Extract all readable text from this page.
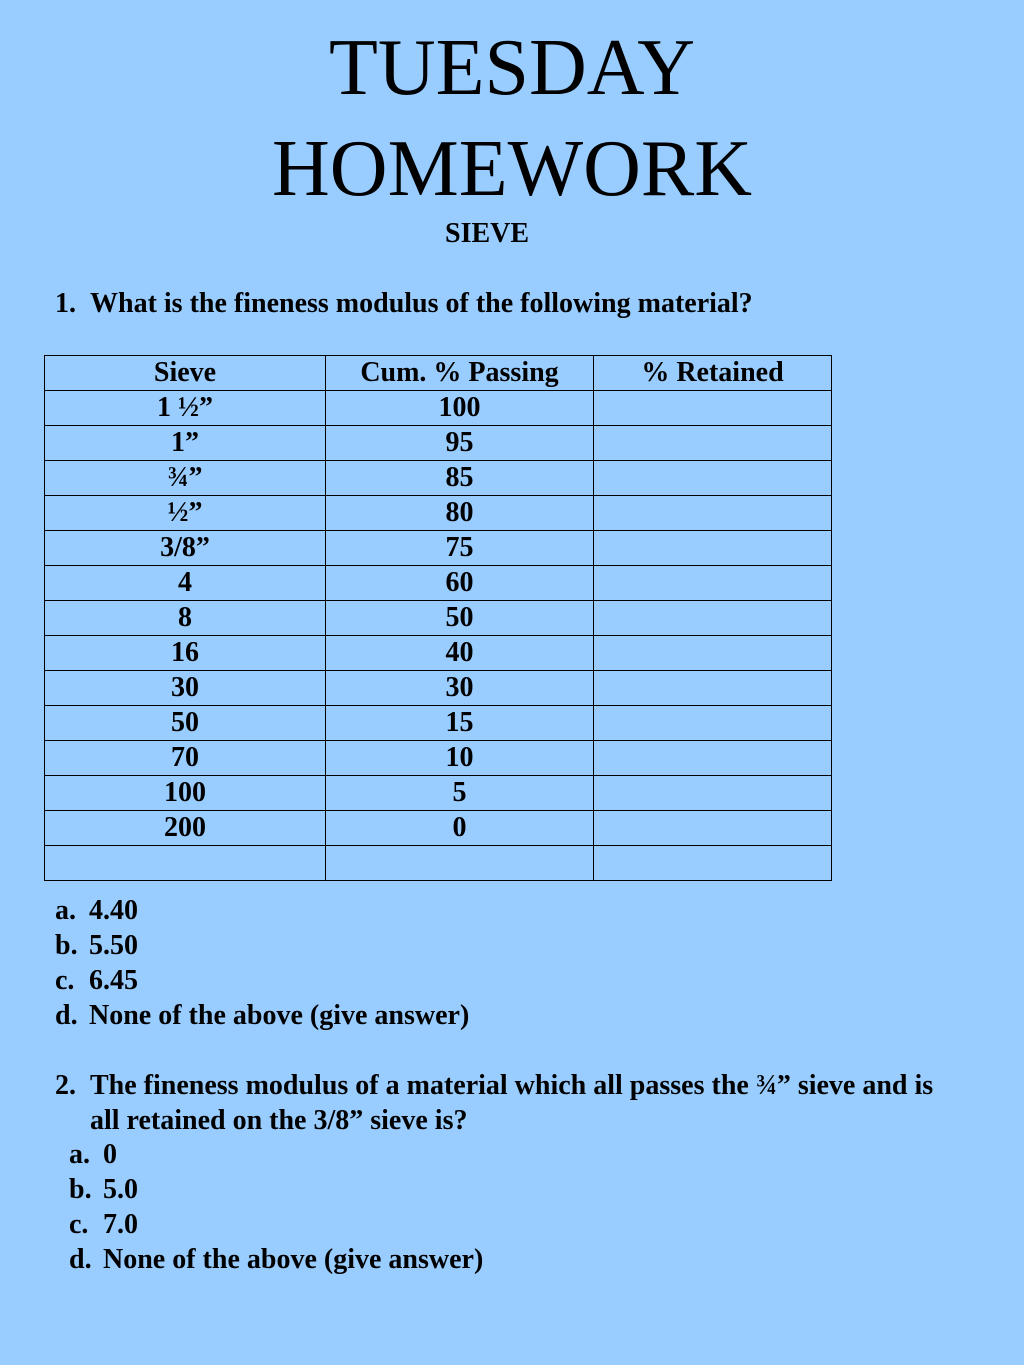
TUESDAY
HOMEWORK
SIEVE
1. What is the fineness modulus of the following material?
Sieve	Cum. % Passing	% Retained
1 ½”	100	
1”	95	
¾”	85	
½”	80	
3/8”	75	
4	60	
8	50	
16	40	
30	30	
50	15	
70	10	
100	5	
200	0	

a. 4.40
b. 5.50
c. 6.45
d. None of the above (give answer)
2. The fineness modulus of a material which all passes the ¾” sieve and is all retained on the 3/8” sieve is?
a. 0
b. 5.0
c. 7.0
d. None of the above (give answer)
